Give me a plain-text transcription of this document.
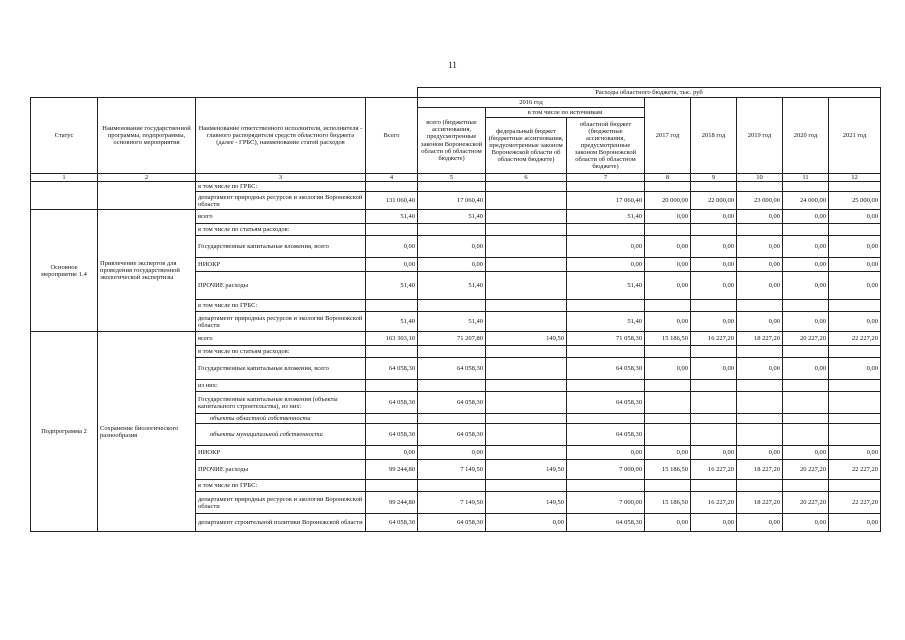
11
				Расходы областного бюджета, тыс. руб							
Статус	Наименование государственной программы, подпрограммы, основного мероприятия	Наименование ответственного исполнителя, исполнителя - главного распорядителя средств областного бюджета (далее - ГРБС), наименование статей расходов	Всего	2016 год			2017 год	2018 год	2019 год	2020 год	2021 год
				всего (бюджетные ассигнования, предусмотренные законом Воронежской области об областном бюджете)	в том числе по источникам						
					федеральный бюджет (бюджетные ассигнования, предусмотренные законом Воронежской области об областном бюджете)	областной бюджет (бюджетные ассигнования, предусмотренные законом Воронежской области об областном бюджете)					

1	2	3	4	5	6	7	8	9	10	11	12
		в том числе по ГРБС:									
		департамент природных ресурсов и экологии Воронежской области	131 060,40	17 060,40		17 060,40	20 000,00	22 000,00	23 000,00	24 000,00	25 000,00
Основное мероприятие 1.4	Привлечение экспертов для проведения государственной экологической экспертизы	всего	51,40	51,40		51,40	0,00	0,00	0,00	0,00	0,00
		в том числе по статьям расходов:									
		Государственные капитальные вложения, всего	0,00	0,00		0,00	0,00	0,00	0,00	0,00	0,00
		НИОКР	0,00	0,00		0,00	0,00	0,00	0,00	0,00	0,00
		ПРОЧИЕ расходы	51,40	51,40		51,40	0,00	0,00	0,00	0,00	0,00
		в том числе по ГРБС:									
		департамент природных ресурсов и экологии Воронежской области	51,40	51,40		51,40	0,00	0,00	0,00	0,00	0,00
Подпрограмма 2	Сохранение биологического разнообразия	всего	163 303,10	71 207,80	149,50	71 058,30	15 186,50	16 227,20	18 227,20	20 227,20	22 227,20
		в том числе по статьям расходов:									
		Государственные капитальные вложения, всего	64 058,30	64 058,30		64 058,30	0,00	0,00	0,00	0,00	0,00
		из них:									
		Государственные капитальные вложения (объекты капитального строительства), из них:	64 058,30	64 058,30		64 058,30					
		объекты областной собственности									
		объекты муниципальной собственности	64 058,30	64 058,30		64 058,30					
		НИОКР	0,00	0,00		0,00	0,00	0,00	0,00	0,00	0,00
		ПРОЧИЕ расходы	99 244,80	7 149,50	149,50	7 000,00	15 186,50	16 227,20	18 227,20	20 227,20	22 227,20
		в том числе по ГРБС:									
		департамент природных ресурсов и экологии Воронежской области	99 244,80	7 149,50	149,50	7 000,00	15 186,50	16 227,20	18 227,20	20 227,20	22 227,20
		департамент строительной политики Воронежской области	64 058,30	64 058,30	0,00	64 058,30	0,00	0,00	0,00	0,00	0,00
